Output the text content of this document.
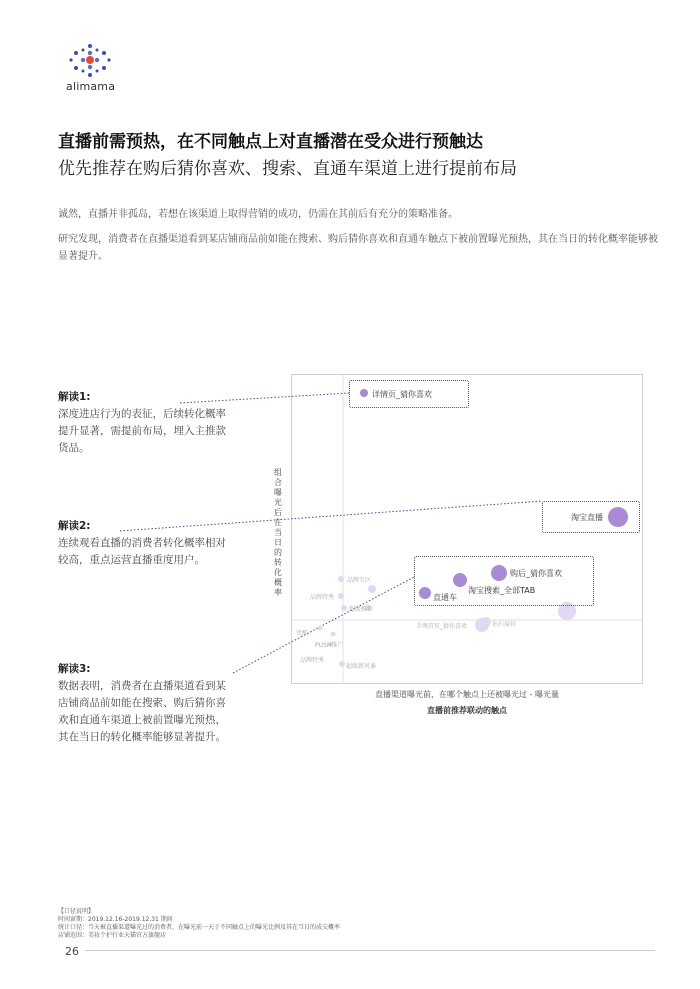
alimama
直播前需预热，在不同触点上对直播潜在受众进行预触达
优先推荐在购后猜你喜欢、搜索、直通车渠道上进行提前布局
诚然，直播并非孤岛，若想在该渠道上取得营销的成功，仍需在其前后有充分的策略准备。
研究发现，消费者在直播渠道看到某店铺商品前如能在搜索、购后猜你喜欢和直通车触点下被前置曝光预热，其在当日的转化概率能够被显著提升。
解读1:
深度进店行为的表征，后续转化概率提升显著，需提前布局，埋入主推款货品。
解读2:
连续观看直播的消费者转化概率相对较高，重点运营直播重度用户。
解读3:
数据表明，消费者在直播渠道看到某店铺商品前如能在搜索、购后猜你喜欢和直通车渠道上被前置曝光预热，其在当日的转化概率能够显著提升。
组合曝光后在当日的转化概率
直播渠道曝光前，在哪个触点上还被曝光过 - 曝光量
直播前推荐联动的触点
详情页_猜你喜欢
淘宝直播
购后_猜你喜欢
淘宝搜索_全部TAB
直通车
品牌专区
品牌特秀
超级推荐
手淘首页_猜你喜欢	钻石展位
优酷
PUSH推广
品牌特秀
超级新风暴
【口径说明】
时间窗期：2019.12.16-2019.12.31 期间
统计口径：当天被直播渠道曝光过的消费者，在曝光前一天于不同触点上的曝光比例及其在当日的成交概率
店铺范围：美妆个护行业天猫官方旗舰店
26
